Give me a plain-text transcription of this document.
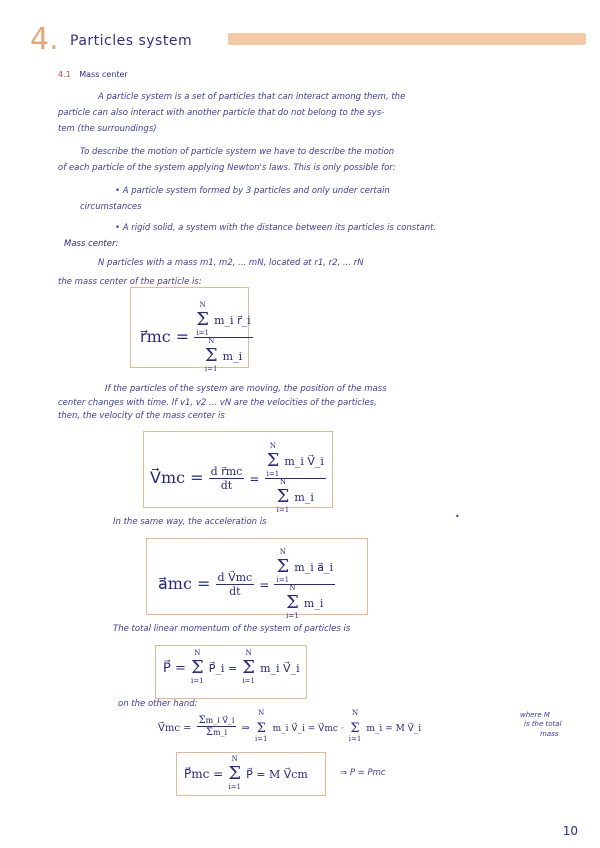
4. Particles system
4.1 Mass center
A particle system is a set of particles that can interact among them, the
particle can also interact with another particle that do not belong to the sys-
tem (the surroundings)
To describe the motion of particle system we have to describe the motion
of each particle of the system applying Newton's laws. This is only possible for:
• A particle system formed by 3 particles and only under certain
circumstances
• A rigid solid, a system with the distance between its particles is constant.
Mass center:
N particles with a mass m1, m2, ... mN, located at r1, r2, ... rN
the mass center of the particle is:
r⃗mc = N
Σ
i=1
m_i r⃗_i
N
Σ
i=1
m_i
If the particles of the system are moving, the position of the mass
center changes with time. If v1, v2 ... vN are the velocities of the particles,
then, the velocity of the mass center is
V⃗mc = $\frac{\text{d r⃗mc}}{dt} = N$
Σ
i=1
m_i V⃗_i
N
Σ
i=1
m_i
In the same way, the acceleration is
•
a⃗mc = $\frac{\text{d V⃗mc}}{dt} = N$
Σ
i=1
m_i a⃗_i
N
Σ
i=1
m_i
The total linear momentum of the system of particles is
P⃗ =
N
Σ
i=1
P⃗_i =
N
Σ
i=1
m_i V⃗_i
on the other hand:
V⃗mc = $\frac{\text{Σm\_i V⃗\_i}}{\Sigma m\_i}$ ⇒
N
Σ
i=1
m_i V⃗_i = V⃗mc ·
N
Σ
i=1
m_i = M V⃗_i
where M
is the total
mass
P⃗mc =
N
Σ
i=1
P⃗ = M V⃗cm	⇒ P = Pmc
10
